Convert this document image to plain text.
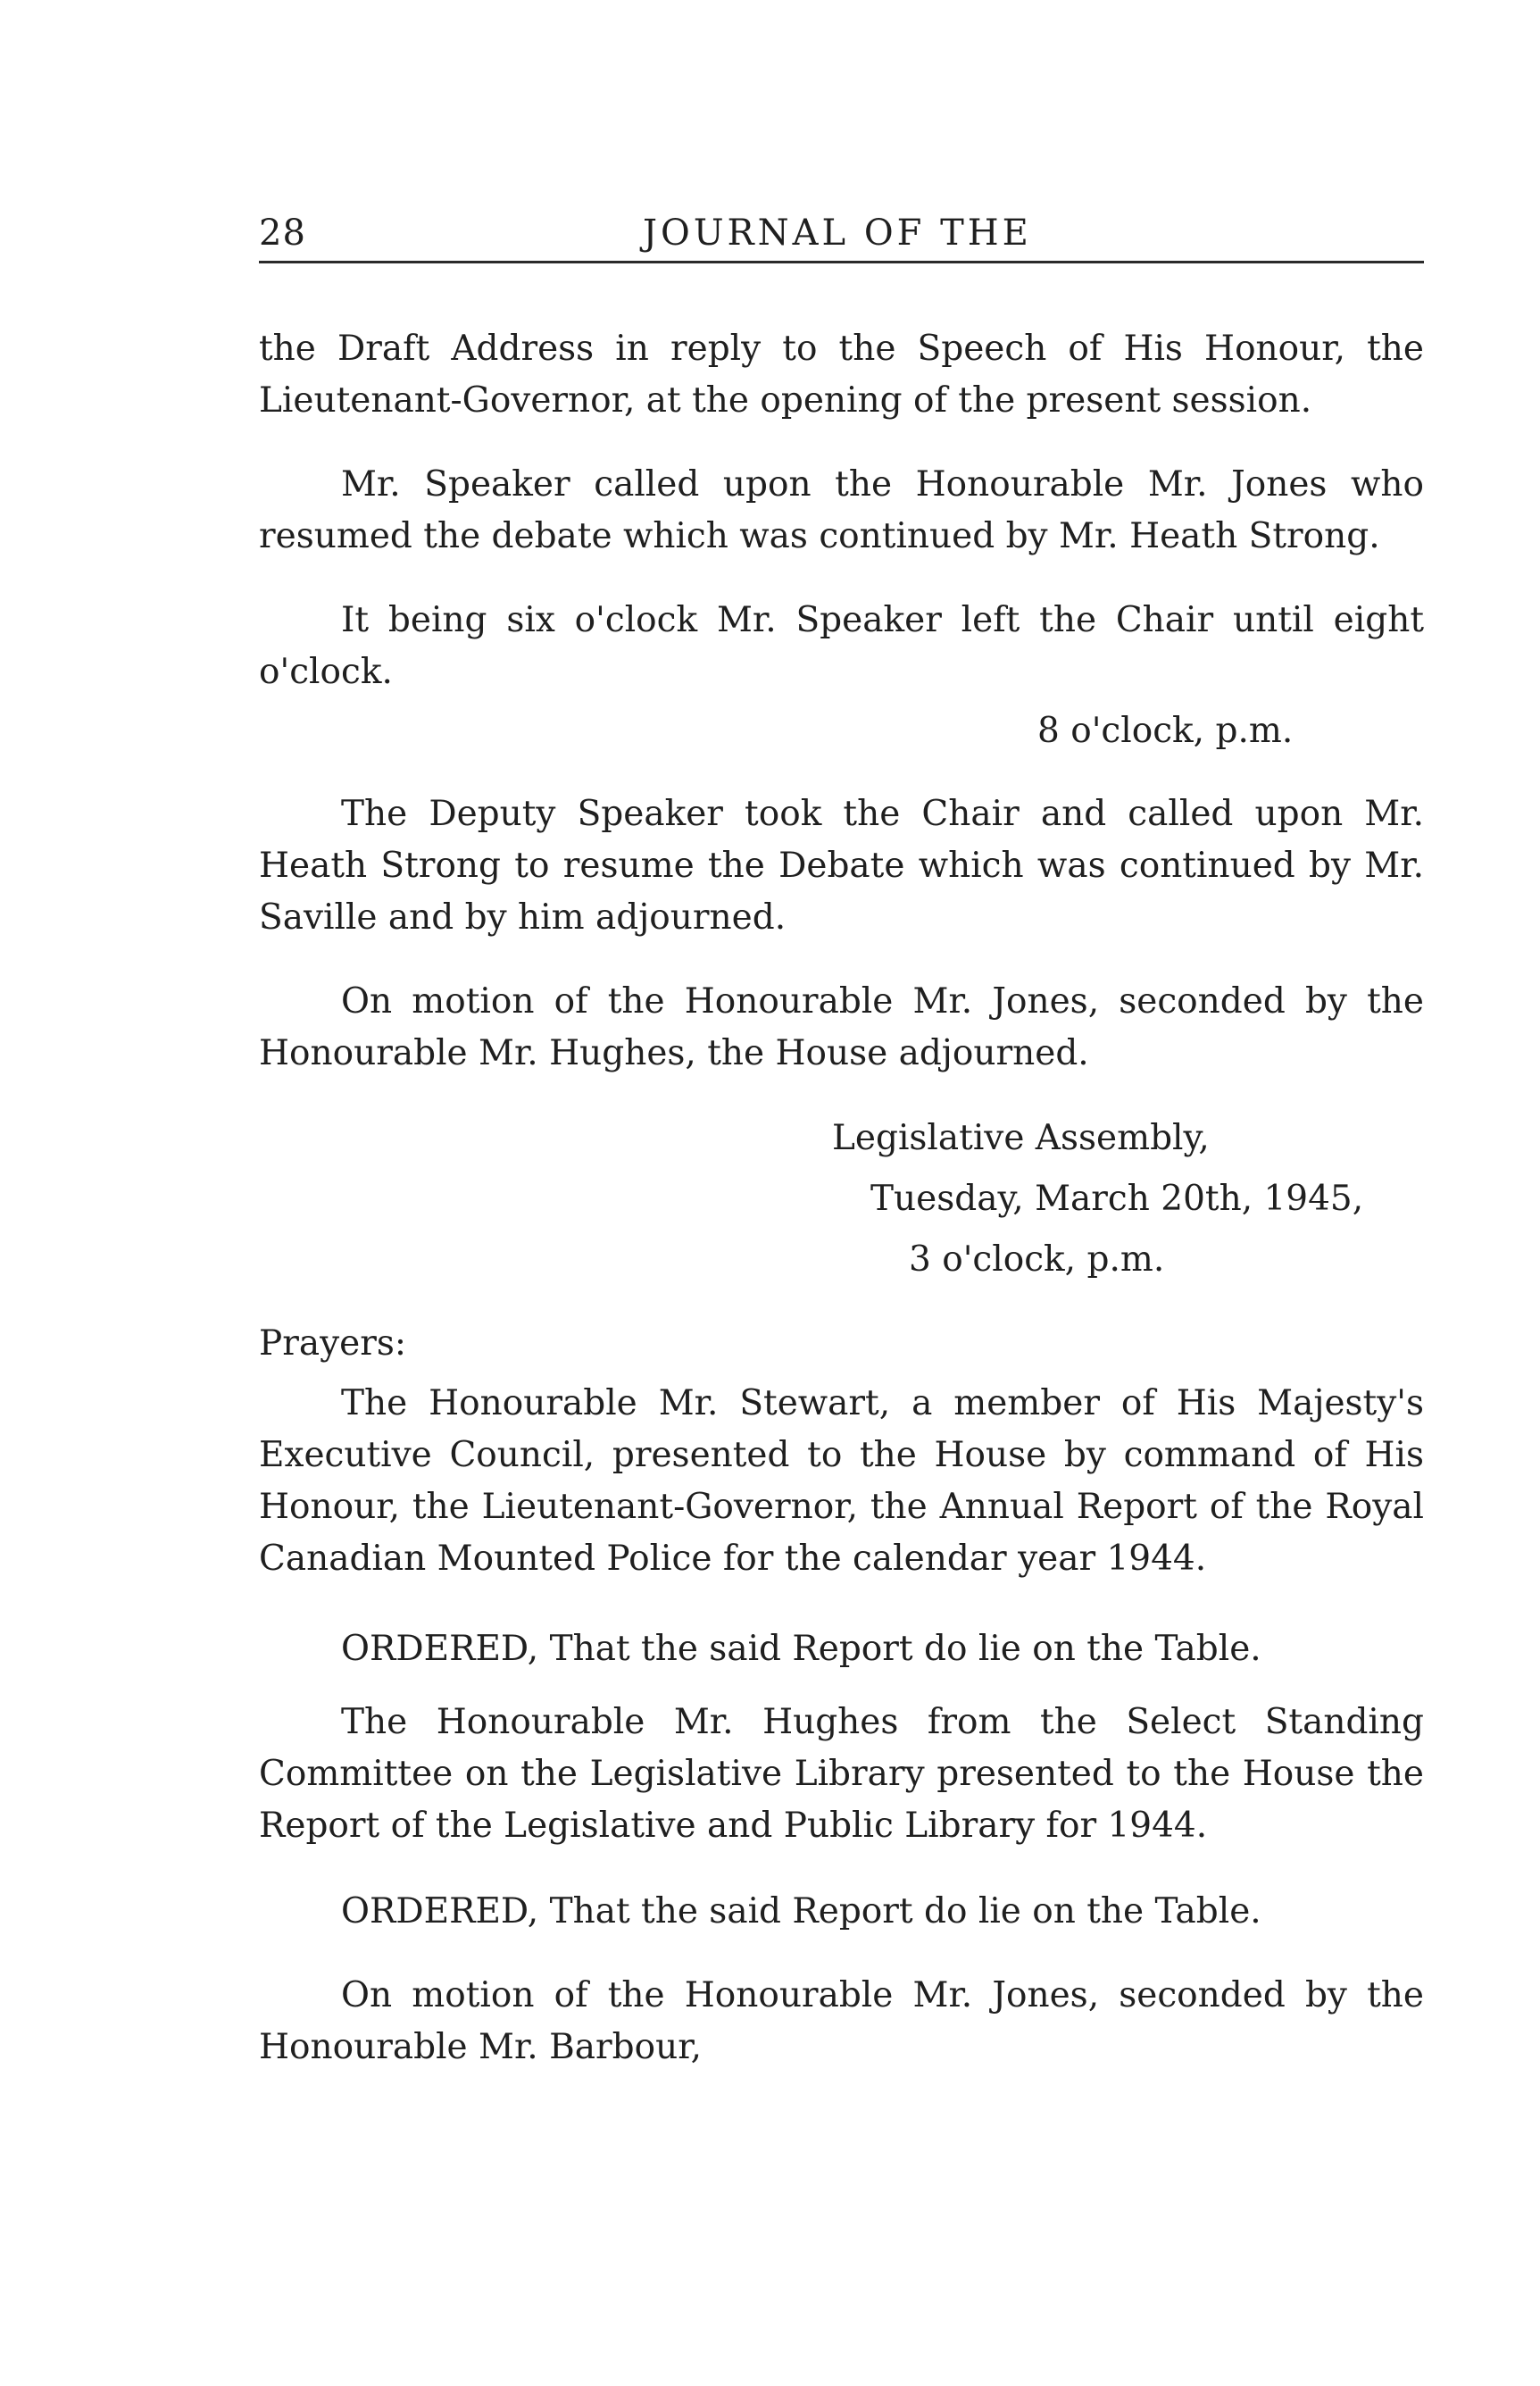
28	JOURNAL OF THE

the Draft Address in reply to the Speech of His Honour, the Lieutenant-Governor, at the opening of the present session.

Mr. Speaker called upon the Honourable Mr. Jones who resumed the debate which was continued by Mr. Heath Strong.

It being six o'clock Mr. Speaker left the Chair until eight o'clock.

8 o'clock, p.m.

The Deputy Speaker took the Chair and called upon Mr. Heath Strong to resume the Debate which was continued by Mr. Saville and by him adjourned.

On motion of the Honourable Mr. Jones, seconded by the Honourable Mr. Hughes, the House adjourned.

Legislative Assembly,
Tuesday, March 20th, 1945,
3 o'clock, p.m.
Prayers:

The Honourable Mr. Stewart, a member of His Majesty's Executive Council, presented to the House by command of His Honour, the Lieutenant-Governor, the Annual Report of the Royal Canadian Mounted Police for the calendar year 1944.

ORDERED, That the said Report do lie on the Table.

The Honourable Mr. Hughes from the Select Standing Committee on the Legislative Library presented to the House the Report of the Legislative and Public Library for 1944.

ORDERED, That the said Report do lie on the Table.

On motion of the Honourable Mr. Jones, seconded by the Honourable Mr. Barbour,
